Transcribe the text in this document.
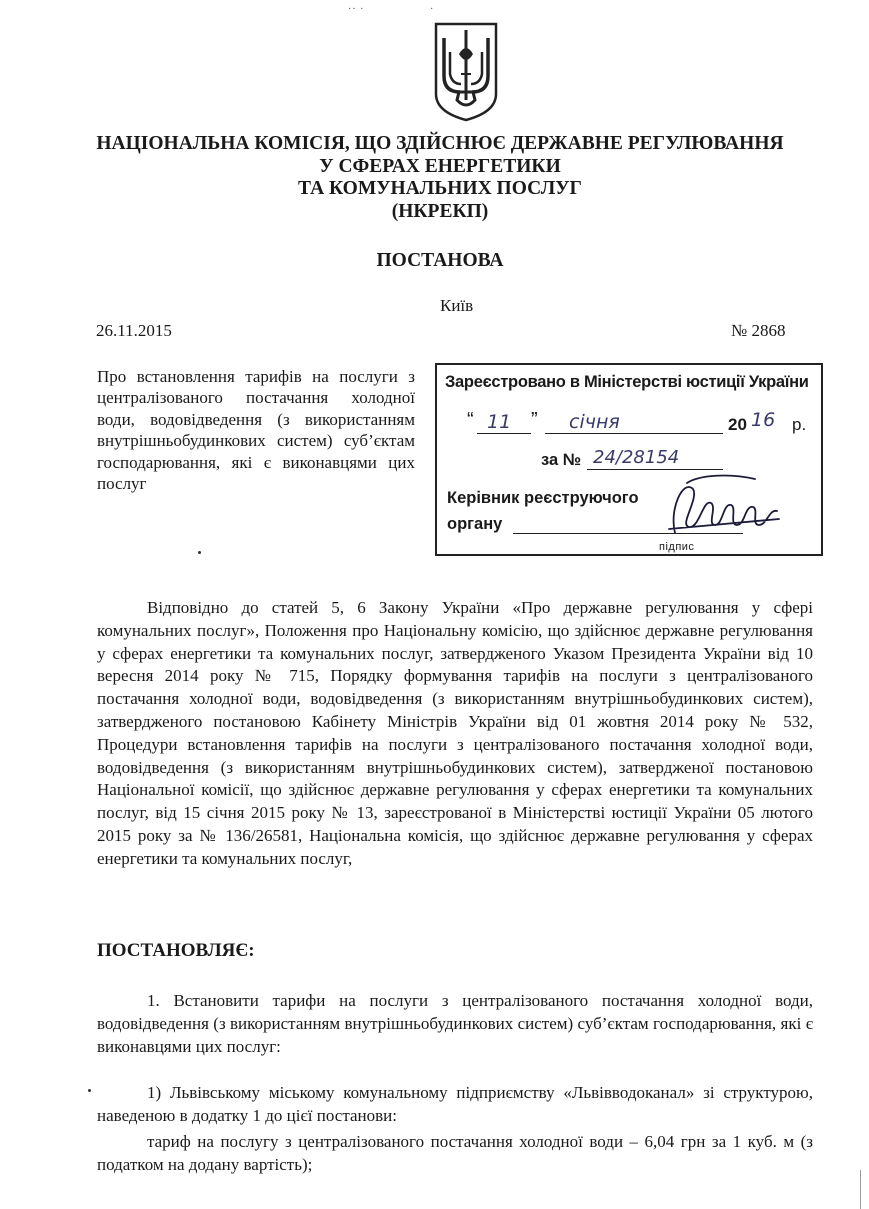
·· ·	·
НАЦІОНАЛЬНА КОМІСІЯ, ЩО ЗДІЙСНЮЄ ДЕРЖАВНЕ РЕГУЛЮВАННЯ
У СФЕРАХ ЕНЕРГЕТИКИ
ТА КОМУНАЛЬНИХ ПОСЛУГ
(НКРЕКП)
ПОСТАНОВА
Київ
26.11.2015	№ 2868
Про встановлення тарифів на послуги з централізованого постачання холодної води, водовідведення (з використанням внутрішньобудинкових систем) суб’єктам господарювання, які є виконавцями цих послуг
Зареєстровано в Міністерстві юстиції України
“ 11 ” січня	20 16 р.
за № 24/28154
Керівник реєструючого
органу
підпис
Відповідно до статей 5, 6 Закону України «Про державне регулювання у сфері комунальних послуг», Положення про Національну комісію, що здійснює державне регулювання у сферах енергетики та комунальних послуг, затвердженого Указом Президента України від 10 вересня 2014 року № 715, Порядку формування тарифів на послуги з централізованого постачання холодної води, водовідведення (з використанням внутрішньобудинкових систем), затвердженого постановою Кабінету Міністрів України від 01 жовтня 2014 року № 532, Процедури встановлення тарифів на послуги з централізованого постачання холодної води, водовідведення (з використанням внутрішньобудинкових систем), затвердженої постановою Національної комісії, що здійснює державне регулювання у сферах енергетики та комунальних послуг, від 15 січня 2015 року № 13, зареєстрованої в Міністерстві юстиції України 05 лютого 2015 року за № 136/26581, Національна комісія, що здійснює державне регулювання у сферах енергетики та комунальних послуг,
ПОСТАНОВЛЯЄ:
1. Встановити тарифи на послуги з централізованого постачання холодної води, водовідведення (з використанням внутрішньобудинкових систем) суб’єктам господарювання, які є виконавцями цих послуг:
1) Львівському міському комунальному підприємству «Львівводоканал» зі структурою, наведеною в додатку 1 до цієї постанови:
тариф на послугу з централізованого постачання холодної води – 6,04 грн за 1 куб. м (з податком на додану вартість);
